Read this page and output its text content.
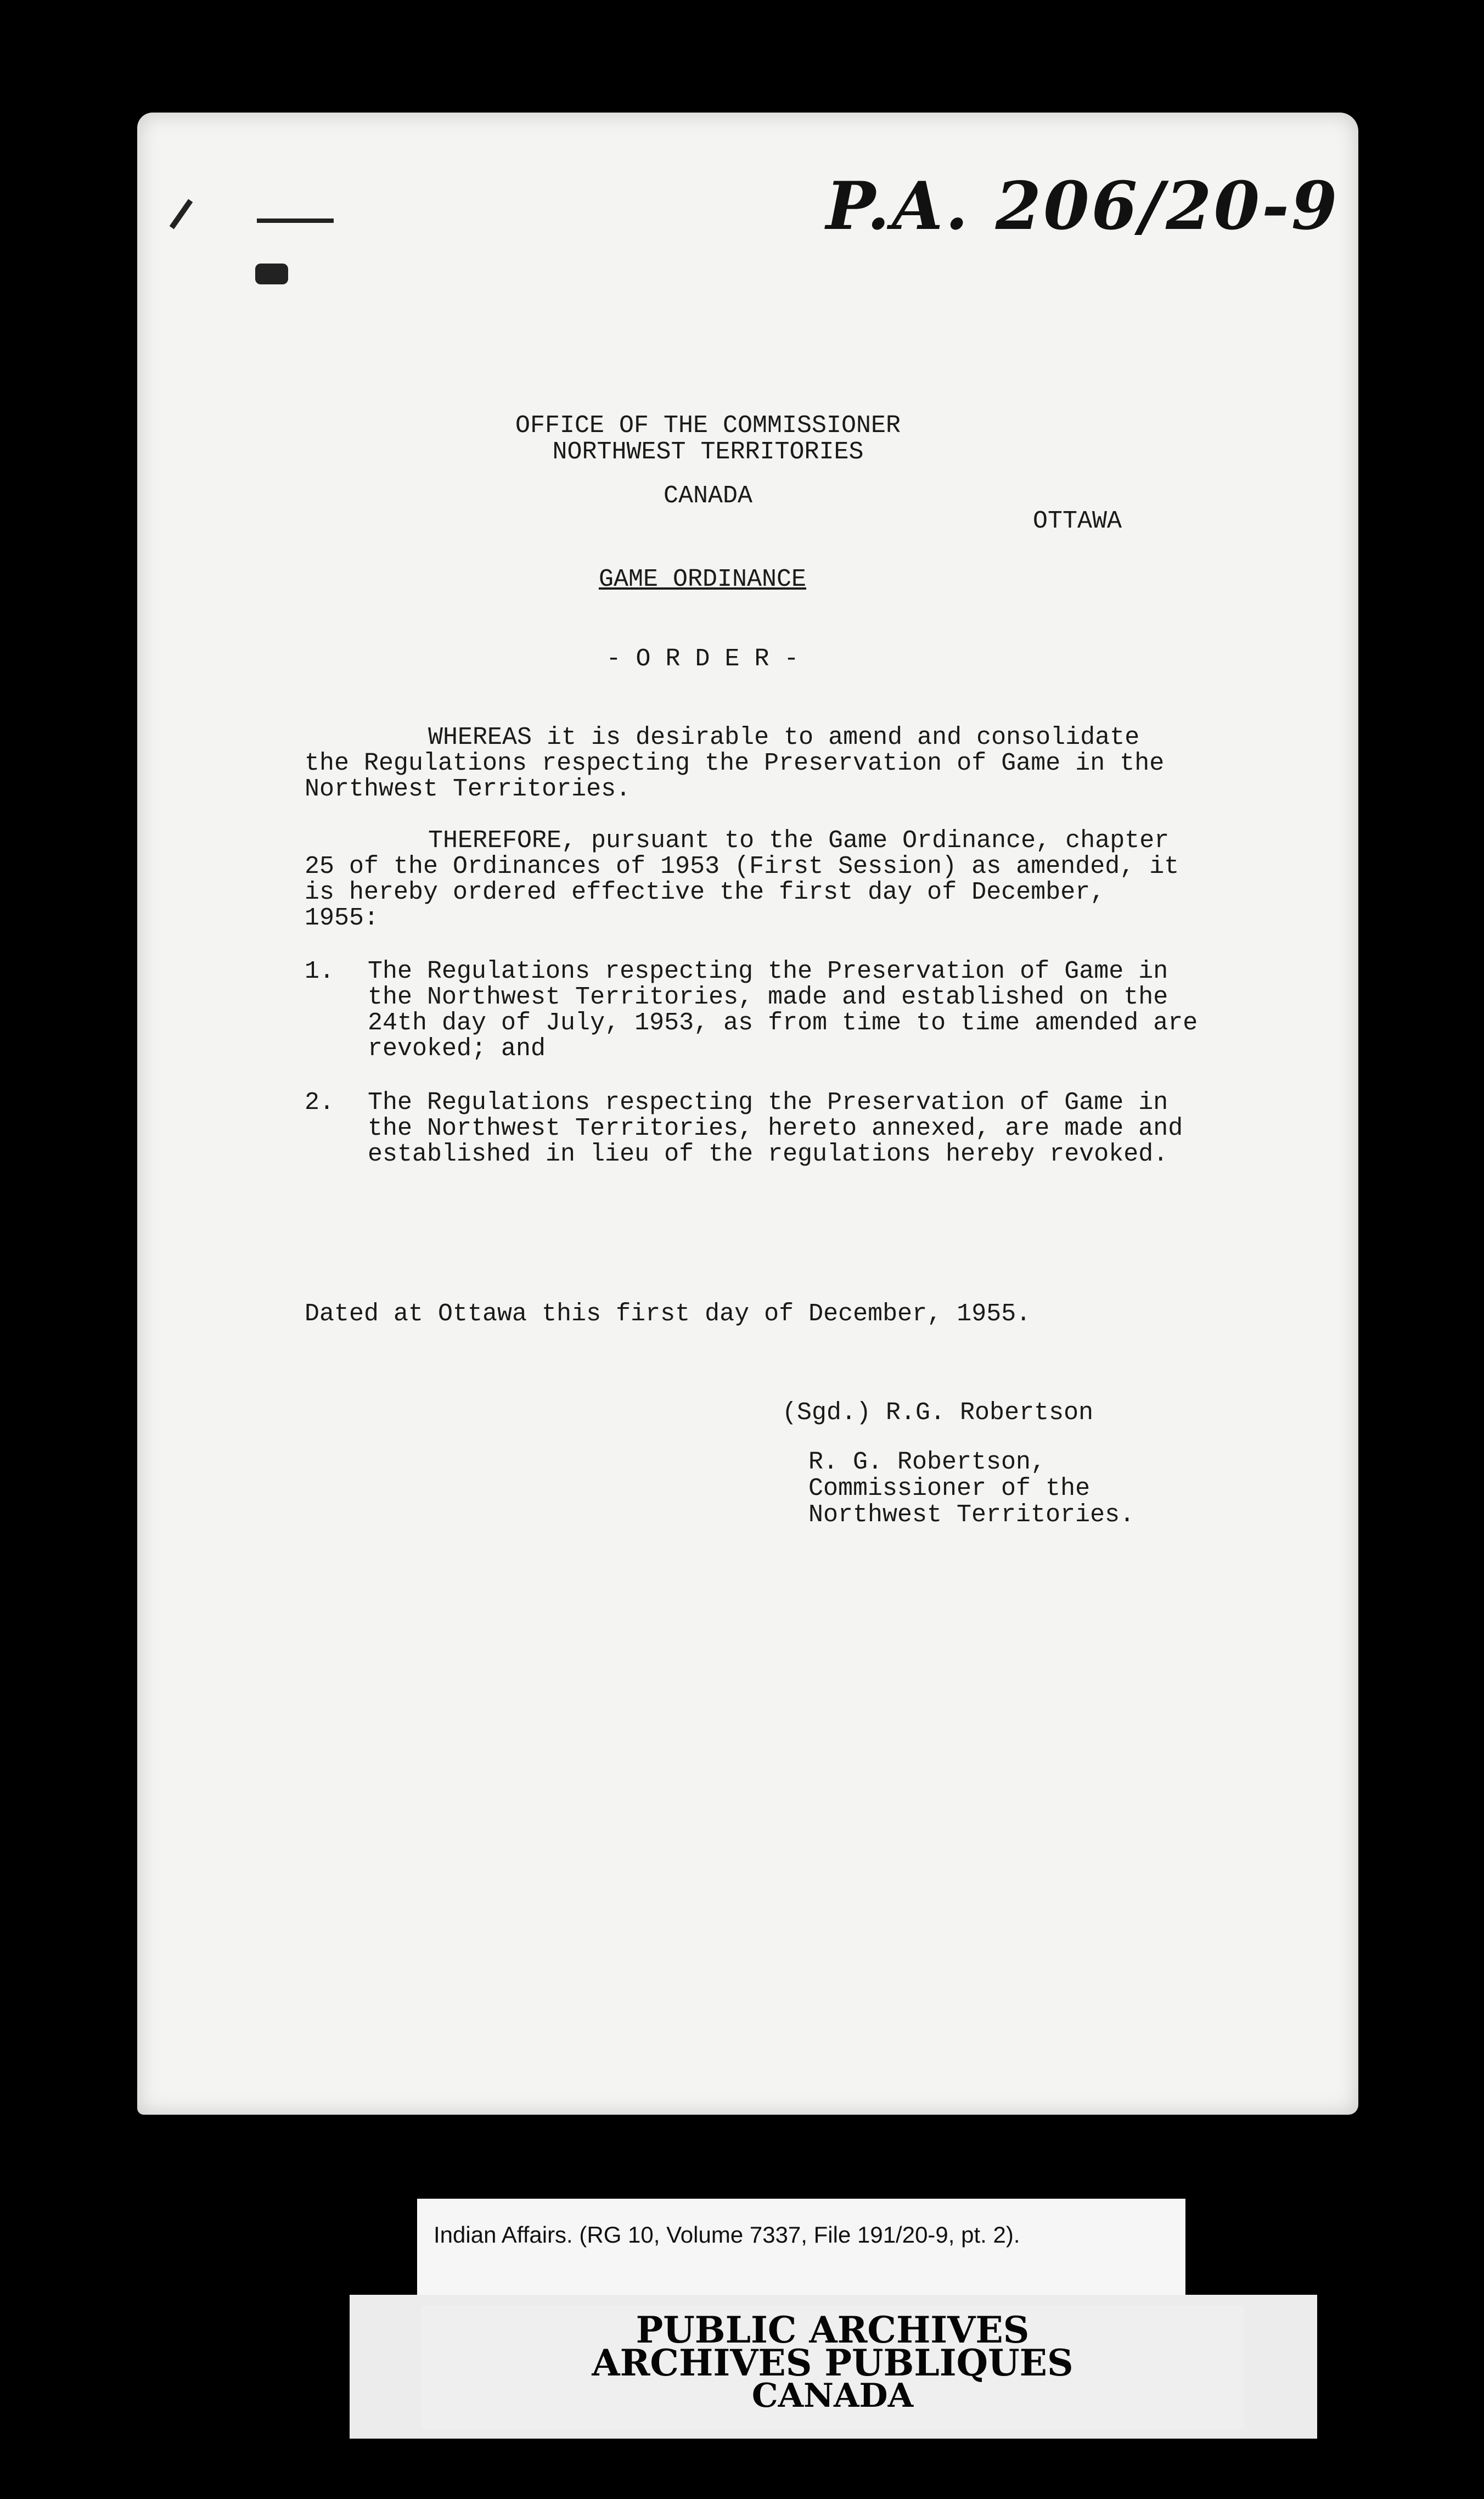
P.A. 206/20-9
OFFICE OF THE COMMISSIONER
NORTHWEST TERRITORIES
CANADA
OTTAWA
GAME ORDINANCE
- O R D E R -

WHEREAS it is desirable to amend and consolidate the Regulations respecting the Preservation of Game in the Northwest Territories.

THEREFORE, pursuant to the Game Ordinance, chapter 25 of the Ordinances of 1953 (First Session) as amended, it is hereby ordered effective the first day of December, 1955:

1. The Regulations respecting the Preservation of Game in the Northwest Territories, made and established on the 24th day of July, 1953, as from time to time amended are revoked; and
2. The Regulations respecting the Preservation of Game in the Northwest Territories, hereto annexed, are made and established in lieu of the regulations hereby revoked.
Dated at Ottawa this first day of December, 1955.
(Sgd.) R.G. Robertson
R. G. Robertson,
Commissioner of the
Northwest Territories.
Indian Affairs. (RG 10, Volume 7337, File 191/20-9, pt. 2).
PUBLIC ARCHIVES
ARCHIVES PUBLIQUES
CANADA
